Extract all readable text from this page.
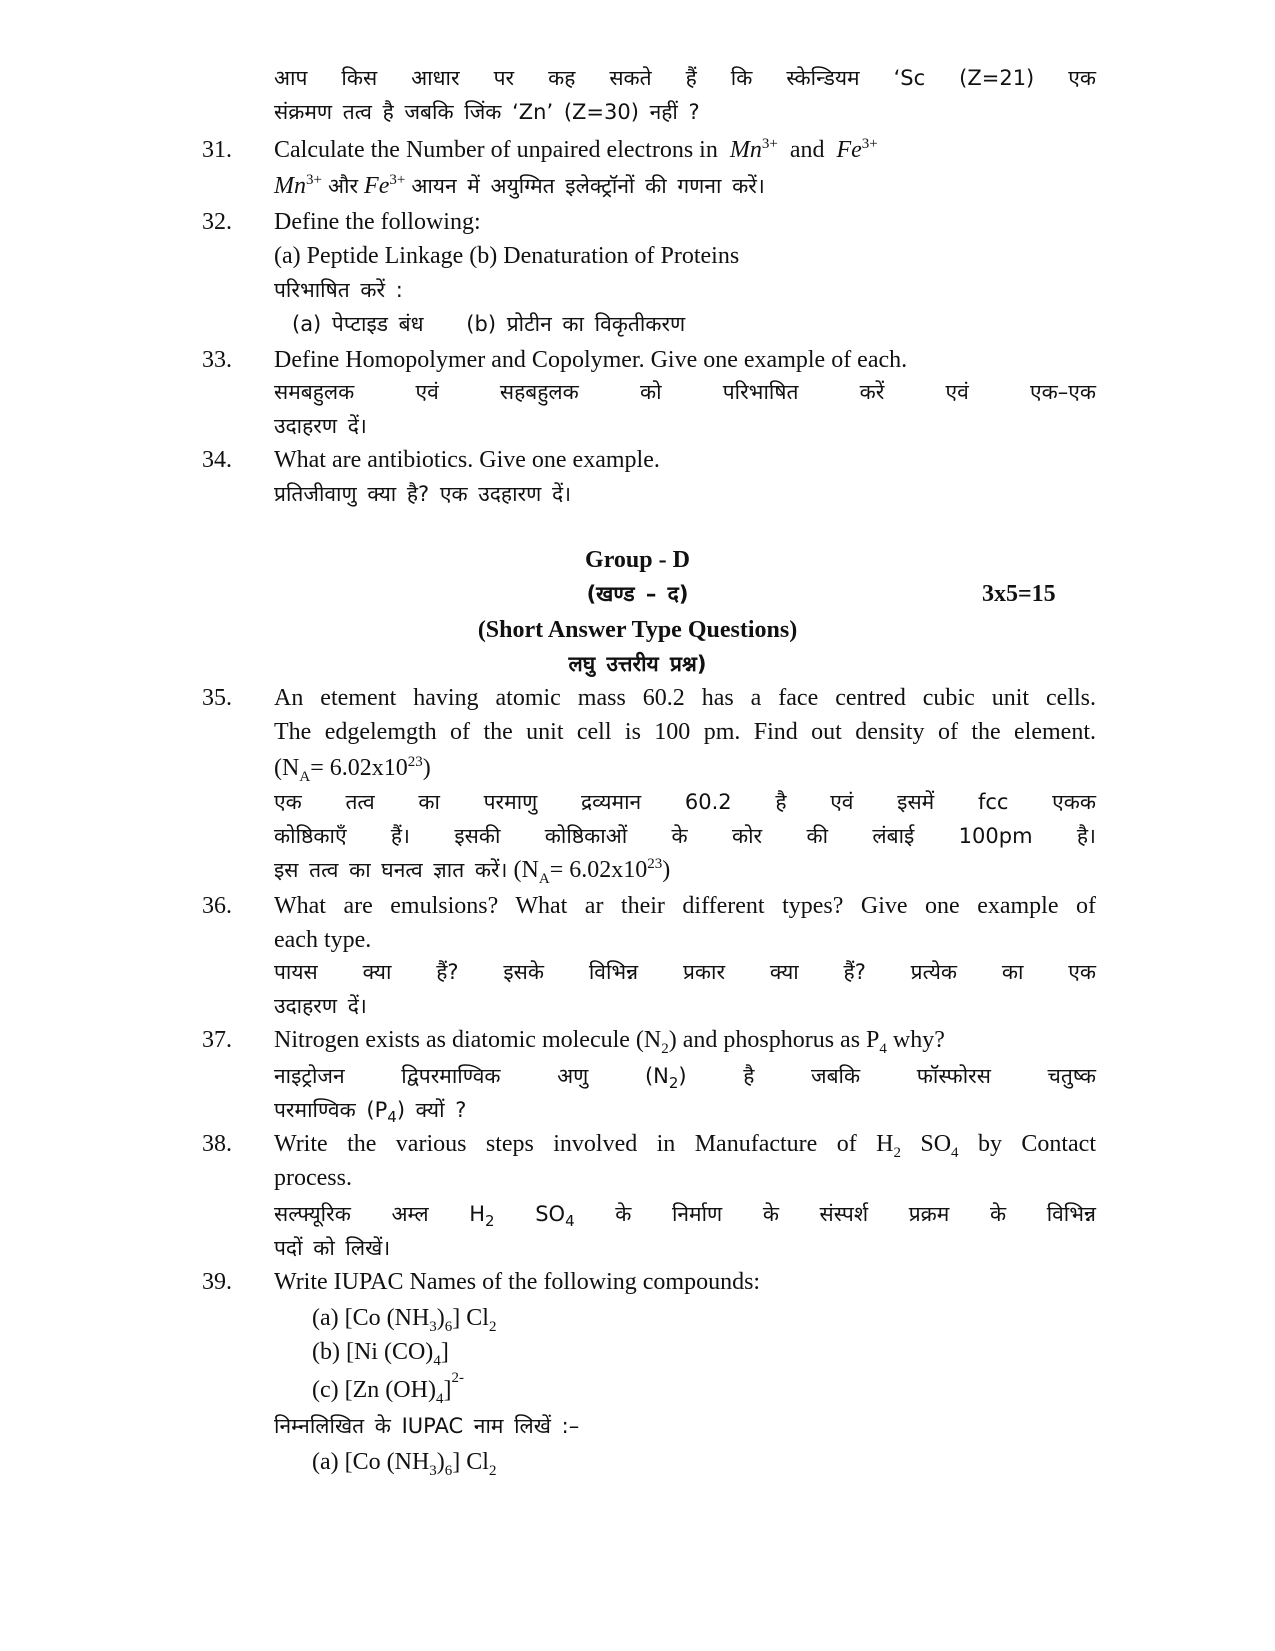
आप किस आधार पर कह सकते हैं कि स्केन्डियम ‘Sc (Z=21) एक
संक्रमण तत्व है जबकि जिंक ‘Zn’ (Z=30) नहीं ?
31.	Calculate the Number of unpaired electrons in $Mn^{3+}$ and $Fe^{3+}$
$Mn^{3+}$ और $Fe^{3+}$ आयन में अयुग्मित इलेक्ट्रॉनों की गणना करें।
32.	Define the following:
(a) Peptide Linkage (b) Denaturation of Proteins
परिभाषित करें :
(a) पेप्टाइड बंध (b) प्रोटीन का विकृतीकरण
33.	Define Homopolymer and Copolymer. Give one example of each.
समबहुलक एवं सहबहुलक को परिभाषित करें एवं एक–एक
उदाहरण दें।
34.	What are antibiotics. Give one example.
प्रतिजीवाणु क्या है? एक उदहारण दें।
Group - D
(खण्ड – द)	3x5=15
(Short Answer Type Questions)
लघु उत्तरीय प्रश्न)
35.	An etement having atomic mass 60.2 has a face centred cubic unit cells.
The edgelemgth of the unit cell is 100 pm. Find out density of the element.
$(N_A= 6.02x10^{23})$
एक तत्व का परमाणु द्रव्यमान 60.2 है एवं इसमें fcc एकक
कोष्ठिकाएँ हैं। इसकी कोष्ठिकाओं के कोर की लंबाई 100pm है।
इस तत्व का घनत्व ज्ञात करें। $(N_A= 6.02x10^{23})$
36.	What are emulsions? What ar their different types? Give one example of
each type.
पायस क्या हैं? इसके विभिन्न प्रकार क्या हैं? प्रत्येक का एक
उदाहरण दें।
37.	Nitrogen exists as diatomic molecule $(N_2)$ and phosphorus as $P_4$ why?
नाइट्रोजन द्विपरमाण्विक अणु $(N_2)$ है जबकि फॉस्फोरस चतुष्क
परमाण्विक $(P_4)$ क्यों ?
38.	Write the various steps involved in Manufacture of $H_2$ $SO_4$ by Contact
process.
सल्फ्यूरिक अम्ल $H_2$ $SO_4$ के निर्माण के संस्पर्श प्रक्रम के विभिन्न
पदों को लिखें।
39.	Write IUPAC Names of the following compounds:
(a) [Co $(NH_3)_6$] $Cl_2$
(b) [Ni $(CO)_4$]
(c) [Zn $(OH)_4]^{2-}$
निम्नलिखित के IUPAC नाम लिखें :–
(a) [Co $(NH_3)_6$] $Cl_2$
